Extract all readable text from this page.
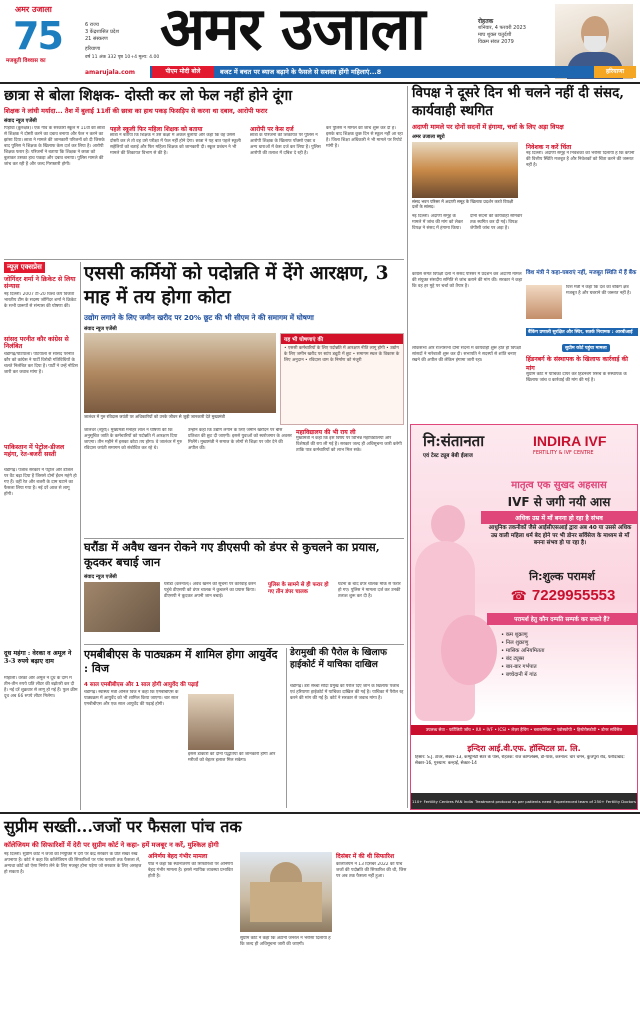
अमर उजाला
75
मजबूती विश्वास का
6 राज्य
3 केंद्रशासित प्रदेश
21 संस्करण
हरियाणा
वर्ष 11 अंक 332 पृष्ठ 10+4 मूल्य: 4.00 अमर उजाला	रोहतक
शनिवार, 4 फरवरी 2023
माघ शुक्ल चतुर्दशी
विक्रम संवत 2079
amarujala.com	पीएम मोदी बोले	बजट में बचत पर ब्याज बढ़ाने के फैसले से सशक्त होंगी महिलाएं...8	हरियाणा
छात्रा से बोला शिक्षक- दोस्ती कर लो फेल नहीं होने दूंगा
शिक्षक ने लांघी मर्यादा... तैश में बुलाई 11वीं की छात्रा का हाथ पकड़ फिसड़िप से करना था दबाव, आरोपी फरार
संवाद न्यूज एजेंसी
पिहोवा (कुरुक्षेत्र)। एक गांव के सरकारी स्कूल में 11वीं की छात्रा से शिक्षक ने दोस्ती करने का दबाव बनाया और फेल न करने का झांसा दिया। छात्रा ने मामले की जानकारी परिजनों को दी जिसके बाद पुलिस ने शिक्षक के खिलाफ केस दर्ज कर लिया है। आरोपी शिक्षक फरार है। परिजनों ने बताया कि शिक्षक ने छात्रा को बुलाकर उसका हाथ पकड़ा और दबाव बनाया। पुलिस मामले की जांच कर रही है और जल्द गिरफ्तारी होगी।
पहले स्कूली फिर महिला शिक्षक को बताया
छात्रा ने बताया कि शिक्षक ने उसे कक्षा में अकेले बुलाया और कहा कि वह उससे दोस्ती कर ले तो वह उसे परीक्षा में फेल नहीं होने देगा। छात्रा ने यह बात पहले स्कूली सहेलियों को बताई और फिर महिला शिक्षक को जानकारी दी। स्कूल प्रबंधन ने भी मामले की शिकायत विभाग से की है।
आरोपी पर केस दर्ज
छात्रा के परिजनों की शिकायत पर पुलिस ने आरोपी शिक्षक के खिलाफ पॉक्सो एक्ट व अन्य धाराओं में केस दर्ज कर लिया है। पुलिस आरोपी की तलाश में दबिश दे रही है।
कर पुलिस ने मामले की जांच शुरू कर दी है। इसके बाद शिक्षक कुछ दिन से स्कूल नहीं आ रहा है। जिला शिक्षा अधिकारी ने भी मामले पर रिपोर्ट मांगी है।
न्यूज़ एक्सप्रेस
जोगिंदर शर्मा ने क्रिकेट से लिया संन्यास
नई दिल्ली। 2007 टी-20 विश्व कप विजेता भारतीय टीम के सदस्य जोगिंदर शर्मा ने क्रिकेट के सभी प्रारूपों से संन्यास की घोषणा की।
सांसद परनीत कौर कांग्रेस से निलंबित
चंडीगढ़/पटियाला। पटियाला से सांसद परनीत कौर को कांग्रेस ने पार्टी विरोधी गतिविधियों के चलते निलंबित कर दिया है। पार्टी ने उन्हें नोटिस जारी कर जवाब मांगा है।
पाकिस्तान में पेट्रोल-डीजल महंगा, रेत-बजरी सस्ती
चंडीगढ़। पंजाब सरकार ने पेट्रोल और डीजल पर वैट बढ़ा दिया है जिससे दोनों ईंधन महंगे हो गए हैं। वहीं रेत और बजरी के दाम घटाने का फैसला लिया गया है। नई दरें आज से लागू होंगी।
दूध महंगा : वेरका व अमूल ने 3-3 रुपये बढ़ाए दाम
मोहाली। वेरका और अमूल ने दूध के दाम में तीन-तीन रुपये प्रति लीटर की बढ़ोतरी कर दी है। नई दरें शुक्रवार से लागू हो गई हैं। फुल क्रीम दूध अब 66 रुपये लीटर मिलेगा।
एससी कर्मियों को पदोन्नति में देंगे आरक्षण, 3 माह में तय होगा कोटा
उद्योग लगाने के लिए जमीन खरीद पर 20% छूट की भी सीएम ने की समागम में घोषणा
संवाद न्यूज एजेंसी
जालंधर में गुरु रविदास जयंती पर अधिकारियों को उनके जीवन से जुड़ी जानकारी देते मुख्यमंत्री
यह भी घोषणाएं की
• एससी कर्मचारियों के लिए पदोन्नति में आरक्षण नीति लागू होगी • उद्योग के लिए जमीन खरीद पर स्टांप ड्यूटी में छूट • समागम स्थल के विकास के लिए अनुदान • रविदास धाम के निर्माण को मंजूरी
जालंधर (ब्यूरो)। मुख्यमंत्री मनोहर लाल ने घोषणा की कि अनुसूचित जाति के कर्मचारियों को पदोन्नति में आरक्षण दिया जाएगा। तीन महीने में इसका कोटा तय होगा। वे जालंधर में गुरु रविदास जयंती समागम को संबोधित कर रहे थे।
उन्होंने कहा कि उद्योग लगाने के लिए जमीन खरीदने पर बीस प्रतिशत की छूट दी जाएगी। इससे युवाओं को स्वरोजगार के अवसर मिलेंगे। मुख्यमंत्री ने समाज के लोगों से शिक्षा पर जोर देने की अपील की।
महाविद्यालय की भी राय ली
मुख्यमंत्री ने कहा कि इस विषय पर विभिन्न महाविद्यालयों और विशेषज्ञों की राय ली गई है। सरकार जल्द ही अधिसूचना जारी करेगी ताकि पात्र कर्मचारियों को लाभ मिल सके।
घरौंडा में अवैध खनन रोकने गए डीएसपी को डंपर से कुचलने का प्रयास, कूदकर बचाई जान
संवाद न्यूज एजेंसी
घरौंडा (करनाल)। अवैध खनन की सूचना पर कार्रवाई करने पहुंचे डीएसपी को डंपर चालक ने कुचलने का प्रयास किया। डीएसपी ने कूदकर अपनी जान बचाई।
पुलिस के सामने से ही फरार हो गए तीन डंपर चालक
घटना के बाद डंपर चालक मौके से फरार हो गए। पुलिस ने मामला दर्ज कर उनकी तलाश शुरू कर दी है।
एमबीबीएस के पाठ्यक्रम में शामिल होगा आयुर्वेद : विज
4 साल एमबीबीएस और 1 साल होगी आयुर्वेद की पढ़ाई
चंडीगढ़। स्वास्थ्य मंत्री अनिल विज ने कहा कि एमबीबीएस के पाठ्यक्रम में आयुर्वेद को भी शामिल किया जाएगा। चार साल एमबीबीएस और एक साल आयुर्वेद की पढ़ाई होगी।
इससे डॉक्टरों को दोनों पद्धतियों की जानकारी होगी और मरीजों को बेहतर इलाज मिल सकेगा।
डेरामुखी की पैरोल के खिलाफ हाईकोर्ट में याचिका दाखिल
चंडीगढ़। डेरा सच्चा सौदा प्रमुख को पैरोल दिए जाने के खिलाफ पंजाब एवं हरियाणा हाईकोर्ट में याचिका दाखिल की गई है। याचिका में पैरोल रद्द करने की मांग की गई है। कोर्ट ने सरकार से जवाब मांगा है।
विपक्ष ने दूसरे दिन भी चलने नहीं दी संसद, कार्यवाही स्थगित
अदाणी मामले पर दोनों सदनों में हंगामा, चर्चा के लिए अड़ा विपक्ष
अमर उजाला ब्यूरो
संसद भवन परिसर में अदाणी समूह के खिलाफ प्रदर्शन करते विपक्षी दलों के सांसद।
नई दिल्ली। अदाणी समूह के मामले में जांच की मांग को लेकर विपक्ष ने संसद में हंगामा किया।
दोनों सदनों की कार्यवाही सोमवार तक स्थगित कर दी गई। विपक्ष जेपीसी जांच पर अड़ा है।
निवेशक न करें चिंता
नई दिल्ली। अदाणी समूह ने निवेशकों को भरोसा दिलाया है कि कंपनी की वित्तीय स्थिति मजबूत है और निवेशकों को चिंता करने की जरूरत नहीं है।
विश मंत्री ने कहा-घबराएं नहीं, मजबूत स्थिति में हैं बैंक
वित्त मंत्री ने कहा कि देश का बैंकिंग क्षेत्र मजबूत है और घबराने की जरूरत नहीं है।
बैंकिंग प्रणाली सुरक्षित और स्थिर, सतर्क नियामक : आरबीआई
कांग्रेस समेत विपक्षी दलों ने संसद परिसर में प्रदर्शन कर अदाणी मामले की संयुक्त संसदीय समिति से जांच कराने की मांग की। सरकार ने कहा कि वह हर मुद्दे पर चर्चा को तैयार है।
सुप्रीम कोर्ट पहुंचा मामला
हिंडनबर्ग के संस्थापक के खिलाफ कार्रवाई की मांग
सुप्रीम कोर्ट में याचिका दायर कर हिंडनबर्ग रिसर्च के संस्थापक के खिलाफ जांच व कार्रवाई की मांग की गई है।
लोकसभा और राज्यसभा दोनों सदनों में कार्यवाही शुरू होते ही विपक्षी सांसदों ने नारेबाजी शुरू कर दी। सभापति ने सदस्यों से शांति बनाए रखने की अपील की लेकिन हंगामा जारी रहा।
नि:संतानता
एवं टेस्ट ट्यूब बेबी ईलाज
INDIRA IVF
FERTILITY & IVF CENTRE
मातृत्व एक सुखद अहसास
IVF से जगी नयी आस
अधिक उम्र में माँ बनना हो रहा है संभव
आधुनिक तकनीकों जैसे आईसीएसआई द्वारा अब 40 या उससे अधिक उम्र वाली महिला धर्म बेद होने पर भी डोनर सर्विसेज के माध्यम से माँ बनना संभव हो पा रहा है।
नि:शुल्क परामर्श
☎ 7229955553
परामर्श हेतु कौन दम्पति सम्पर्क कर सकते हैं?
• कम शुक्राणु
• निल शुक्राणु
• मासिक अनियमितता
• बंद ट्यूब्स
• बार-बार गर्भपात
• बच्चेदानी में गांठ
उपलब्ध सेवा - फर्टिलिटी जाँच • IUI • IVF • ICSI • लेज़र हैचिंग • ब्लास्टोसिस्ट • एंडोस्कोपी • हिस्टेरोस्कोपी • डोनर सर्विसेज
इन्दिरा आई.वी.एफ. हॉस्पिटल प्रा. लि.
हिसार: S.J. टॉवर, सेक्टर-13, कम्युनिटी सेंटर के पास, रोहतक: राज कॉम्प्लेक्स, डी-पार्क, करनाल: चार चमन, कुंजपुरा रोड, फरीदाबाद: सेक्टर-16, गुरुग्राम: कन्हाई, सेक्टर-14
110+ Fertility Centres PAN India Treatment protocol as per patients need Experienced team of 250+ Fertility Doctors
सुप्रीम सख्ती...जजों पर फैसला पांच तक
कॉलेजियम की सिफारिशों में देरी पर सुप्रीम कोर्ट ने कहा- हमें मजबूर न करें, मुश्किल होगी
नई दिल्ली। सुप्रीम कोर्ट ने जजों की नियुक्ति में देरी पर केंद्र सरकार के प्रति सख्त रुख अपनाया है। कोर्ट ने कहा कि कॉलेजियम की सिफारिशों पर पांच फरवरी तक फैसला लें, अन्यथा कोर्ट को ऐसा निर्णय लेने के लिए मजबूर होना पड़ेगा जो सरकार के लिए असहज हो सकता है।
अनिर्णय बेहद गंभीर मामला
पीठ ने कहा कि स्थानांतरण की सिफारिशों पर अनिर्णय बेहद गंभीर मामला है। इससे न्यायिक व्यवस्था प्रभावित होती है।
दिसंबर में की थी सिफारिश
कॉलेजियम ने 13 दिसंबर 2022 को पांच जजों की पदोन्नति की सिफारिश की थी, जिस पर अब तक फैसला नहीं हुआ।
सुप्रीम कोर्ट ने कहा कि अटॉर्नी जनरल ने भरोसा दिलाया है कि जल्द ही अधिसूचना जारी की जाएगी।
